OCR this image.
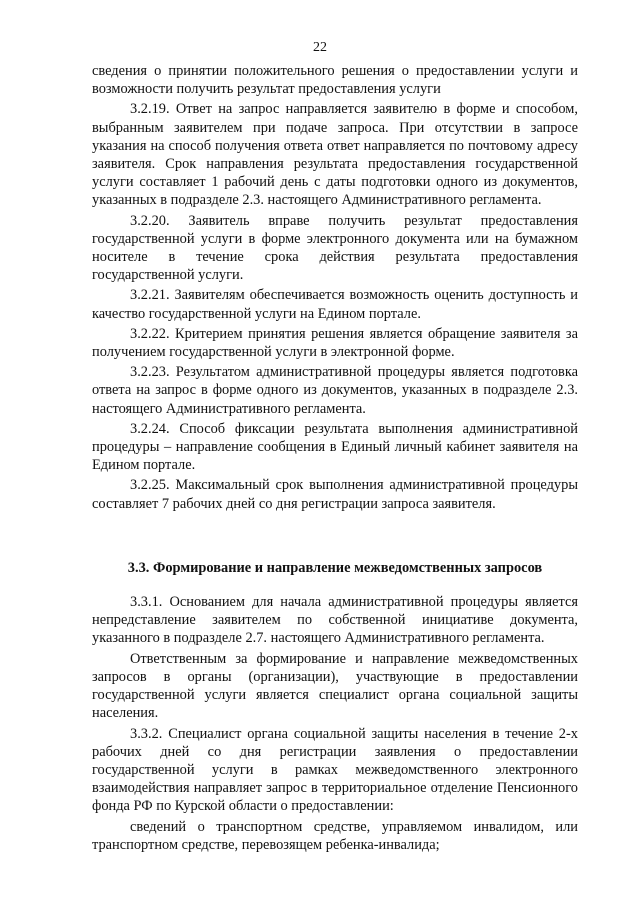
22

сведения о принятии положительного решения о предоставлении услуги и возможности получить результат предоставления услуги

3.2.19. Ответ на запрос направляется заявителю в форме и способом, выбранным заявителем при подаче запроса. При отсутствии в запросе указания на способ получения ответа ответ направляется по почтовому адресу заявителя. Срок направления результата предоставления государственной услуги составляет 1 рабочий день с даты подготовки одного из документов, указанных в подразделе 2.3. настоящего Административного регламента.

3.2.20. Заявитель вправе получить результат предоставления государственной услуги в форме электронного документа или на бумажном носителе в течение срока действия результата предоставления государственной услуги.

3.2.21. Заявителям обеспечивается возможность оценить доступность и качество государственной услуги на Едином портале.

3.2.22. Критерием принятия решения является обращение заявителя за получением государственной услуги в электронной форме.

3.2.23. Результатом административной процедуры является подготовка ответа на запрос в форме одного из документов, указанных в подразделе 2.3. настоящего Административного регламента.

3.2.24. Способ фиксации результата выполнения административной процедуры – направление сообщения в Единый личный кабинет заявителя на Едином портале.

3.2.25. Максимальный срок выполнения административной процедуры составляет 7 рабочих дней со дня регистрации запроса заявителя.

3.3. Формирование и направление межведомственных запросов

3.3.1. Основанием для начала административной процедуры является непредставление заявителем по собственной инициативе документа, указанного в подразделе 2.7. настоящего Административного регламента.

Ответственным за формирование и направление межведомственных запросов в органы (организации), участвующие в предоставлении государственной услуги является специалист органа социальной защиты населения.

3.3.2. Специалист органа социальной защиты населения в течение 2-х рабочих дней со дня регистрации заявления о предоставлении государственной услуги в рамках межведомственного электронного взаимодействия направляет запрос в территориальное отделение Пенсионного фонда РФ по Курской области о предоставлении:

сведений о транспортном средстве, управляемом инвалидом, или транспортном средстве, перевозящем ребенка-инвалида;
